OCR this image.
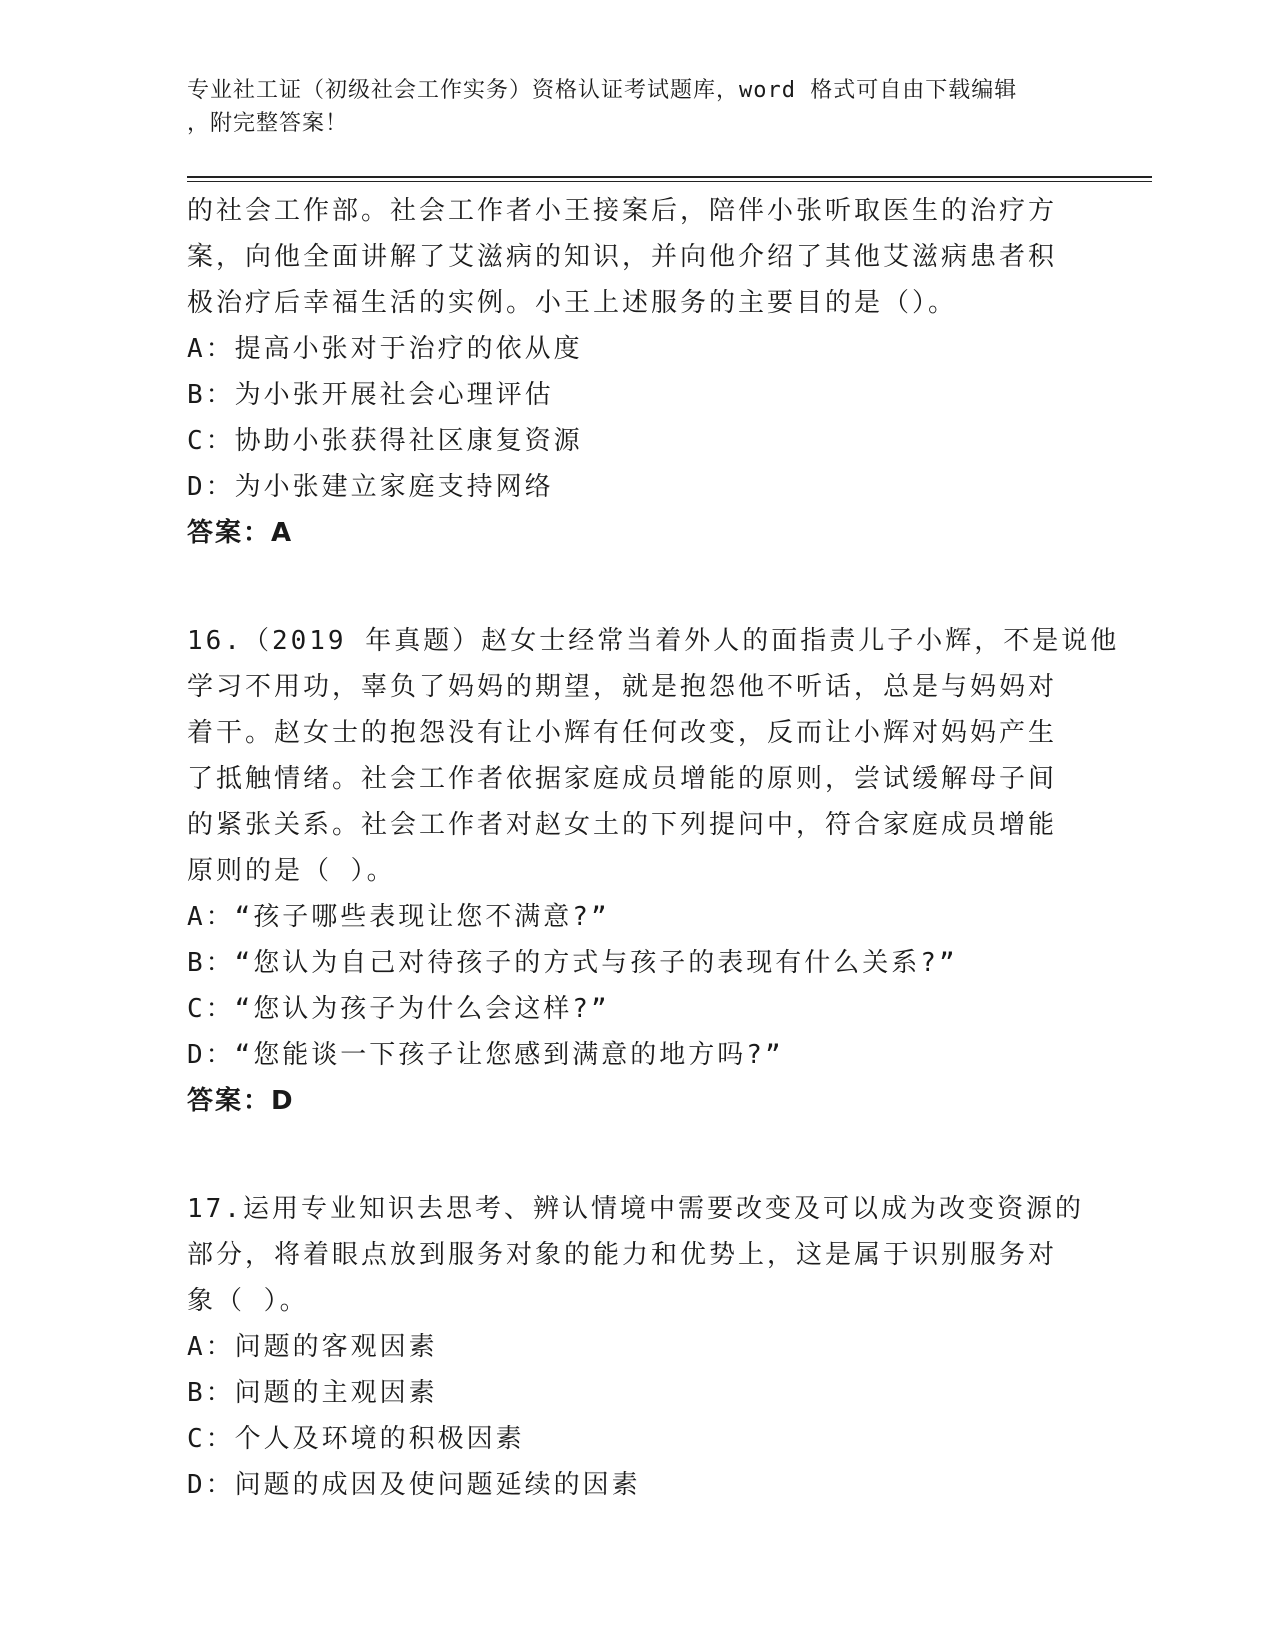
专业社工证（初级社会工作实务）资格认证考试题库，word 格式可自由下载编辑
，附完整答案！
的社会工作部。社会工作者小王接案后，陪伴小张听取医生的治疗方
案，向他全面讲解了艾滋病的知识，并向他介绍了其他艾滋病患者积
极治疗后幸福生活的实例。小王上述服务的主要目的是（）。
A：提高小张对于治疗的依从度
B：为小张开展社会心理评估
C：协助小张获得社区康复资源
D：为小张建立家庭支持网络
答案：A
16.（2019 年真题）赵女士经常当着外人的面指责儿子小辉，不是说他
学习不用功，辜负了妈妈的期望，就是抱怨他不听话，总是与妈妈对
着干。赵女士的抱怨没有让小辉有任何改变，反而让小辉对妈妈产生
了抵触情绪。社会工作者依据家庭成员增能的原则，尝试缓解母子间
的紧张关系。社会工作者对赵女土的下列提问中，符合家庭成员增能
原则的是（ ）。
A：“孩子哪些表现让您不满意?”
B：“您认为自己对待孩子的方式与孩子的表现有什么关系?”
C：“您认为孩子为什么会这样?”
D：“您能谈一下孩子让您感到满意的地方吗?”
答案：D
17.运用专业知识去思考、辨认情境中需要改变及可以成为改变资源的
部分，将着眼点放到服务对象的能力和优势上，这是属于识别服务对
象（ ）。
A：问题的客观因素
B：问题的主观因素
C：个人及环境的积极因素
D：问题的成因及使问题延续的因素
